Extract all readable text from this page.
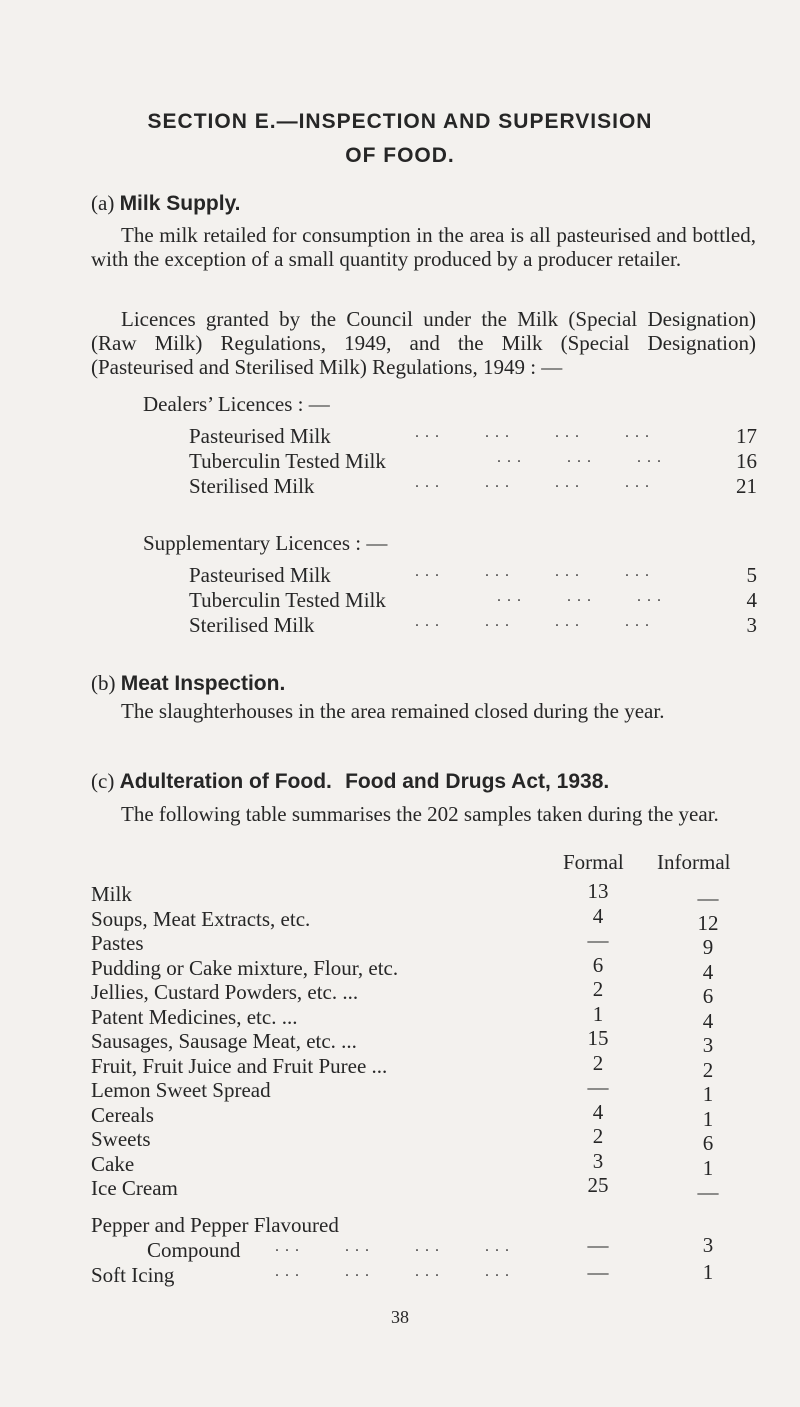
SECTION E.—INSPECTION AND SUPERVISION
OF FOOD.
(a) Milk Supply.
The milk retailed for consumption in the area is all pasteurised and bottled, with the exception of a small quantity produced by a producer retailer.
Licences granted by the Council under the Milk (Special Designation) (Raw Milk) Regulations, 1949, and the Milk (Special Designation) (Pasteurised and Sterilised Milk) Regulations, 1949 : —
Dealers’ Licences : —
Pasteurised Milk	...    ...    ...    ...	17
Tuberculin Tested Milk	...    ...    ...	16
Sterilised Milk	...    ...    ...    ...	21
Supplementary Licences : —
Pasteurised Milk	...    ...    ...    ...	5
Tuberculin Tested Milk	...    ...    ...	4
Sterilised Milk	...    ...    ...    ...	3
(b) Meat Inspection.
The slaughterhouses in the area remained closed during the year.
(c) Adulteration of Food. Food and Drugs Act, 1938.
The following table summarises the 202 samples taken during the year.
Formal Informal
Milk	13	—
Soups, Meat Extracts, etc.	4	12
Pastes	—	9
Pudding or Cake mixture, Flour, etc.	6	4
Jellies, Custard Powders, etc. ...	2	6
Patent Medicines, etc. ...	1	4
Sausages, Sausage Meat, etc. ...	15	3
Fruit, Fruit Juice and Fruit Puree ...	2	2
Lemon Sweet Spread	—	1
Cereals	4	1
Sweets	2	6
Cake	3	1
Ice Cream	25	—
Pepper and Pepper Flavoured
Compound ...    ...    ...    ...	—	3
Soft Icing	...    ...    ...    ...	—	1
38
